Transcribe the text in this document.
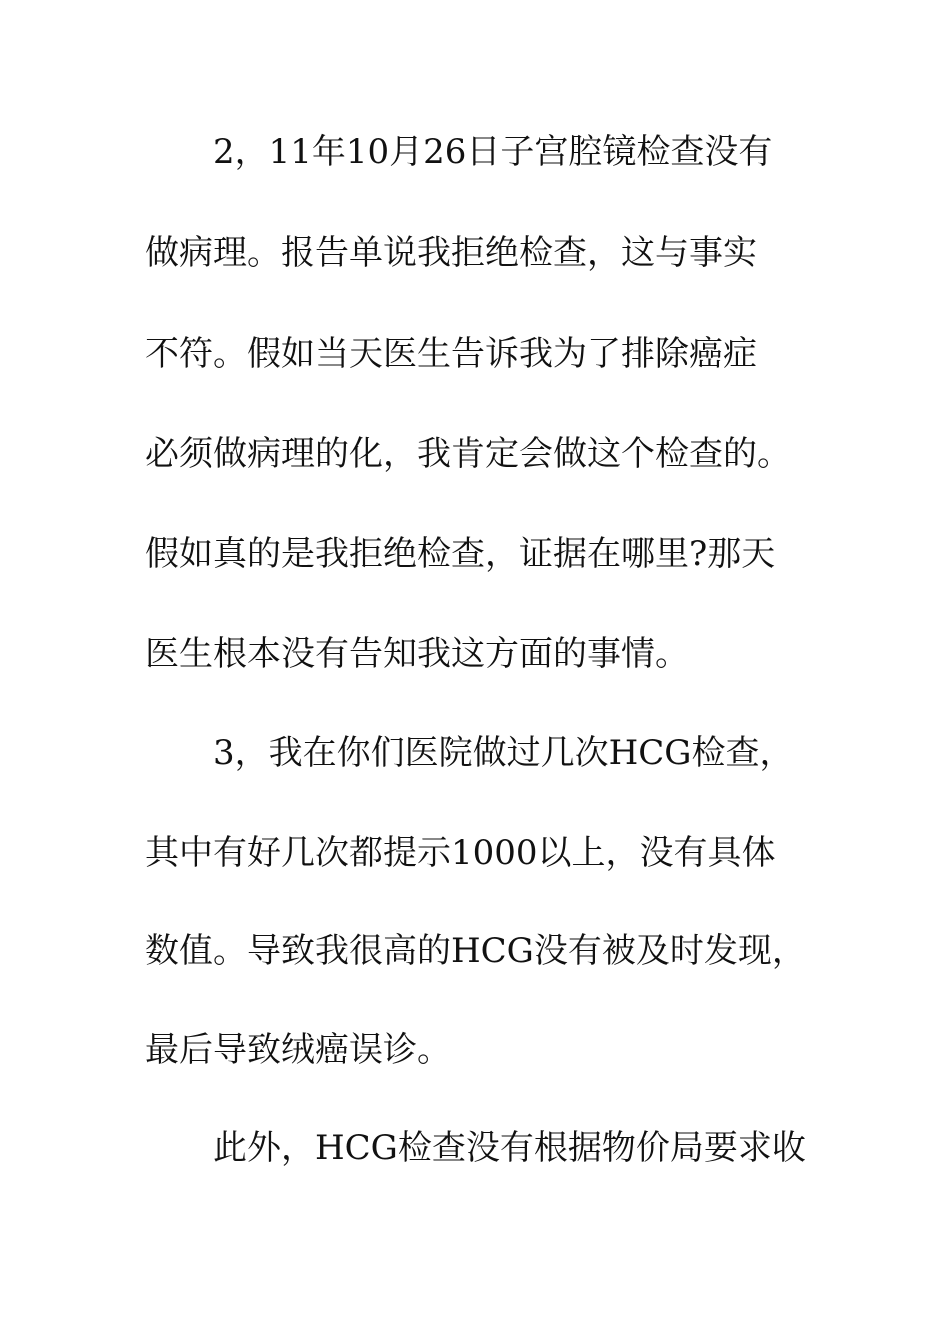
2，11年10月26日子宫腔镜检查没有
做病理。报告单说我拒绝检查，这与事实
不符。假如当天医生告诉我为了排除癌症
必须做病理的化，我肯定会做这个检查的。
假如真的是我拒绝检查，证据在哪里?那天
医生根本没有告知我这方面的事情。
3，我在你们医院做过几次HCG检查，
其中有好几次都提示1000以上，没有具体
数值。导致我很高的HCG没有被及时发现，
最后导致绒癌误诊。
此外，HCG检查没有根据物价局要求收
